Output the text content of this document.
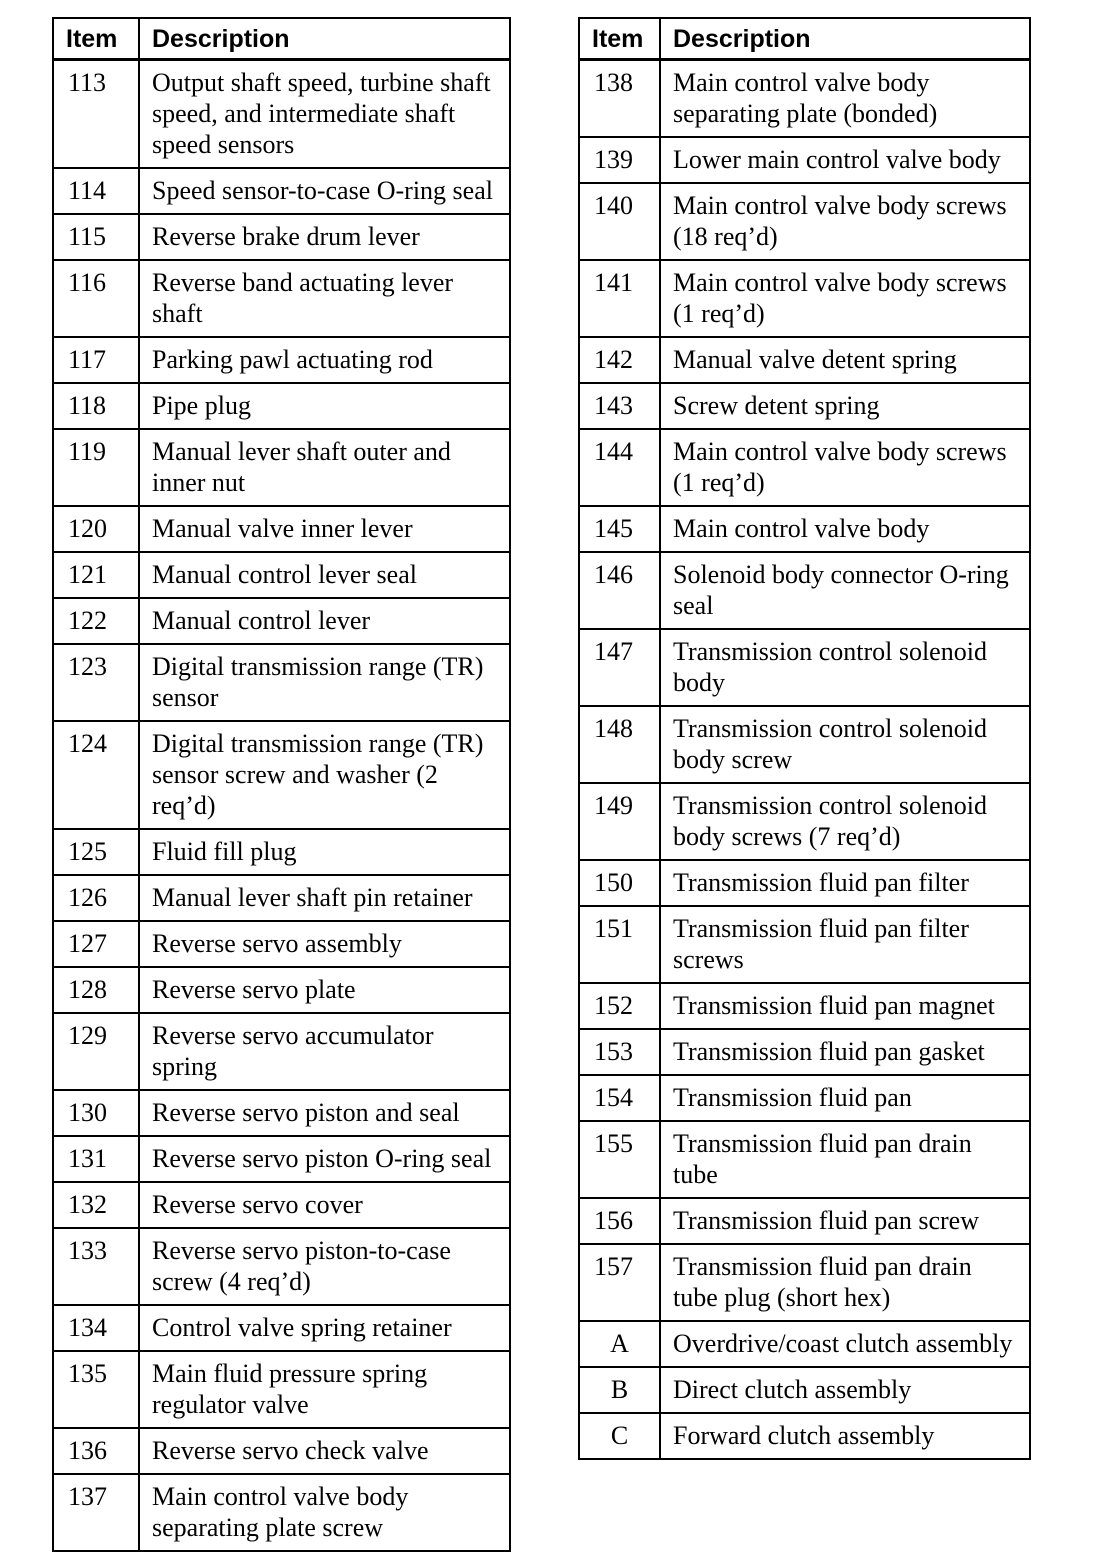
Item	Description
113	Output shaft speed, turbine shaft speed, and intermediate shaft speed sensors
114	Speed sensor-to-case O-ring seal
115	Reverse brake drum lever
116	Reverse band actuating lever shaft
117	Parking pawl actuating rod
118	Pipe plug
119	Manual lever shaft outer and inner nut
120	Manual valve inner lever
121	Manual control lever seal
122	Manual control lever
123	Digital transmission range (TR) sensor
124	Digital transmission range (TR) sensor screw and washer (2 req’d)
125	Fluid fill plug
126	Manual lever shaft pin retainer
127	Reverse servo assembly
128	Reverse servo plate
129	Reverse servo accumulator spring
130	Reverse servo piston and seal
131	Reverse servo piston O-ring seal
132	Reverse servo cover
133	Reverse servo piston-to-case screw (4 req’d)
134	Control valve spring retainer
135	Main fluid pressure spring regulator valve
136	Reverse servo check valve
137	Main control valve body separating plate screw
Item	Description
138	Main control valve body separating plate (bonded)
139	Lower main control valve body
140	Main control valve body screws (18 req’d)
141	Main control valve body screws (1 req’d)
142	Manual valve detent spring
143	Screw detent spring
144	Main control valve body screws (1 req’d)
145	Main control valve body
146	Solenoid body connector O-ring seal
147	Transmission control solenoid body
148	Transmission control solenoid body screw
149	Transmission control solenoid body screws (7 req’d)
150	Transmission fluid pan filter
151	Transmission fluid pan filter screws
152	Transmission fluid pan magnet
153	Transmission fluid pan gasket
154	Transmission fluid pan
155	Transmission fluid pan drain tube
156	Transmission fluid pan screw
157	Transmission fluid pan drain tube plug (short hex)
A	Overdrive/coast clutch assembly
B	Direct clutch assembly
C	Forward clutch assembly
